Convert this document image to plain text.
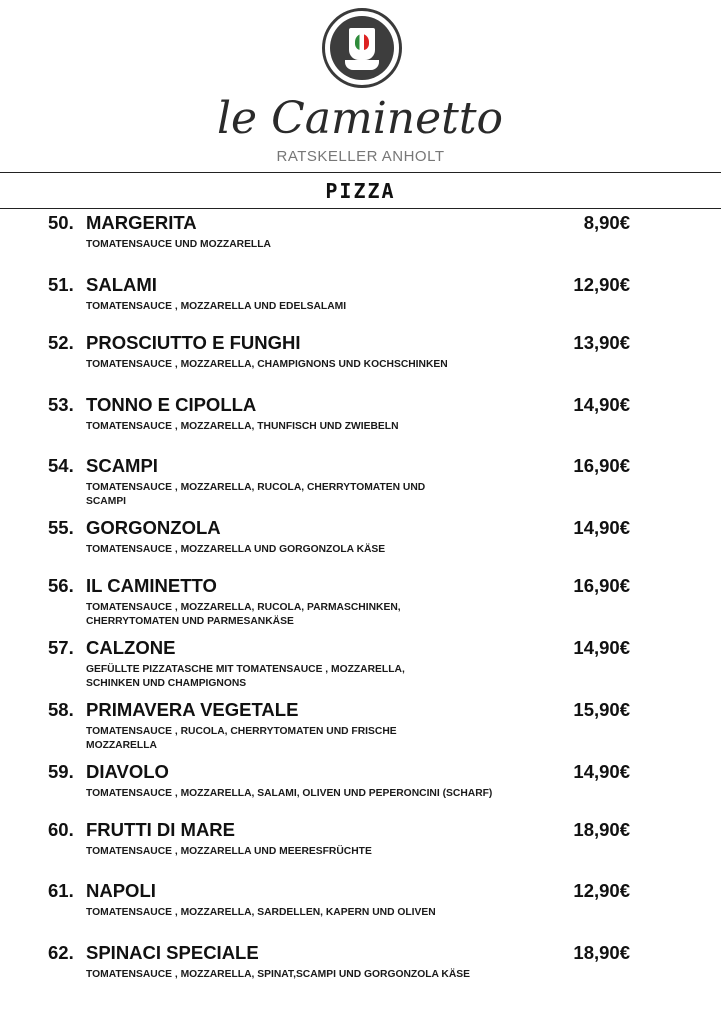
le Caminetto
RATSKELLER ANHOLT
PIZZA
50. MARGERITA	8,90€
TOMATENSAUCE UND MOZZARELLA
51. SALAMI	12,90€
TOMATENSAUCE , MOZZARELLA UND EDELSALAMI
52. PROSCIUTTO E FUNGHI	13,90€
TOMATENSAUCE , MOZZARELLA, CHAMPIGNONS UND KOCHSCHINKEN
53. TONNO E CIPOLLA	14,90€
TOMATENSAUCE , MOZZARELLA, THUNFISCH UND ZWIEBELN
54. SCAMPI	16,90€
TOMATENSAUCE , MOZZARELLA, RUCOLA, CHERRYTOMATEN UND
SCAMPI
55. GORGONZOLA	14,90€
TOMATENSAUCE , MOZZARELLA UND GORGONZOLA KÄSE
56. IL CAMINETTO	16,90€
TOMATENSAUCE , MOZZARELLA, RUCOLA, PARMASCHINKEN,
CHERRYTOMATEN UND PARMESANKÄSE
57. CALZONE	14,90€
GEFÜLLTE PIZZATASCHE MIT TOMATENSAUCE , MOZZARELLA,
SCHINKEN UND CHAMPIGNONS
58. PRIMAVERA VEGETALE	15,90€
TOMATENSAUCE , RUCOLA, CHERRYTOMATEN UND FRISCHE
MOZZARELLA
59. DIAVOLO	14,90€
TOMATENSAUCE , MOZZARELLA, SALAMI, OLIVEN UND PEPERONCINI (SCHARF)
60. FRUTTI DI MARE	18,90€
TOMATENSAUCE , MOZZARELLA UND MEERESFRÜCHTE
61. NAPOLI	12,90€
TOMATENSAUCE , MOZZARELLA, SARDELLEN, KAPERN UND OLIVEN
62. SPINACI SPECIALE	18,90€
TOMATENSAUCE , MOZZARELLA, SPINAT,SCAMPI UND GORGONZOLA KÄSE
